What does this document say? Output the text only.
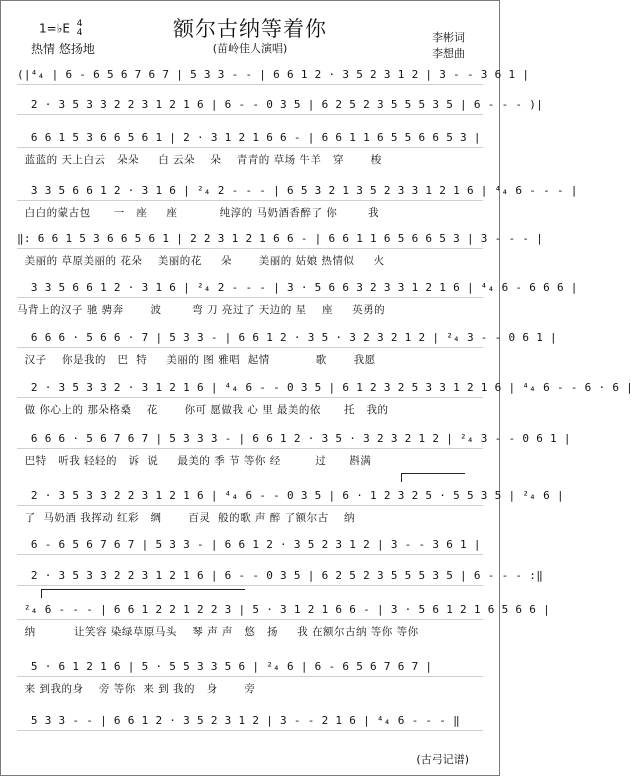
额尔古纳等着你
(苗岭佳人演唱)
1=♭E 4
4
热情 悠扬地
李彬词
李想曲
(|⁴₄ | 6 - 6 5 6 7 6 7 | 5 3 3 - - | 6 6 1 2 · 3 5 2 3 1 2 | 3 - - 3 6 1 |
2 · 3 5 3 3 2 2 3 1 2 1 6 | 6 - - 0 3 5 | 6 2 5 2 3 5 5 5 3 5 | 6 - - - )|
6 6 1 5 3 6 6 5 6 1 | 2 · 3 1 2 1 6 6 - | 6 6 1 1 6 5 5 6 6 5 3 |
蓝蓝的 天上白云   朵朵     白 云朵    朵    青青的 草场 牛羊   穿       梭
3 3 5 6 6 1 2 · 3 1 6 | ²₄ 2 - - - | 6 5 3 2 1 3 5 2 3 3 1 2 1 6 | ⁴₄ 6 - - - |
白白的蒙古包      一   座     座           纯淳的 马奶酒香醉了 你        我
‖: 6 6 1 5 3 6 6 5 6 1 | 2 2 3 1 2 1 6 6 - | 6 6 1 1 6 5 6 6 5 3 | 3 - - - |
美丽的 草原美丽的 花朵    美丽的花     朵       美丽的 姑娘 热情似     火
3 3 5 6 6 1 2 · 3 1 6 | ²₄ 2 - - - | 3 · 5 6 6 3 2 3 3 1 2 1 6 | ⁴₄ 6 - 6 6 6 |
马背上的汉子 驰 骋奔       波        弯 刀 亮过了 天边的 星    座     英勇的
6 6 6 · 5 6 6 · 7 | 5 3 3 - | 6 6 1 2 · 3 5 · 3 2 3 2 1 2 | ²₄ 3 - - 0 6 1 |
汉子    你是我的   巴  特     美丽的 图 雅唱  起情            歌       我愿
2 · 3 5 3 3 2 · 3 1 2 1 6 | ⁴₄ 6 - - 0 3 5 | 6 1 2 3 2 5 3 3 1 2 1 6 | ⁴₄ 6 - - 6 · 6 |
做 你心上的 那朵格桑    花       你可 愿做我 心 里 最美的依      托   我的
6 6 6 · 5 6 7 6 7 | 5 3 3 3 - | 6 6 1 2 · 3 5 · 3 2 3 2 1 2 | ²₄ 3 - - 0 6 1 |
巴特   听我 轻轻的   诉  说     最美的 季 节 等你 经         过      斟满
2 · 3 5 3 3 2 2 3 1 2 1 6 | ⁴₄ 6 - - 0 3 5 | 6 · 1 2 3 2 5 · 5 5 3 5 | ²₄ 6 |
了  马奶酒 我挥动 红彩   绸       百灵  般的歌 声 醉 了额尔古    纳
6 - 6 5 6 7 6 7 | 5 3 3 - | 6 6 1 2 · 3 5 2 3 1 2 | 3 - - 3 6 1 |
2 · 3 5 3 3 2 2 3 1 2 1 6 | 6 - - 0 3 5 | 6 2 5 2 3 5 5 5 3 5 | 6 - - - :‖
²₄ 6 - - - | 6 6 1 2 2 1 2 2 3 | 5 · 3 1 2 1 6 6 - | 3 · 5 6 1 2 1 6 5 6 6 |
纳          让笑容 染绿草原马头    琴 声 声   悠   扬     我 在额尔古纳 等你 等你
5 · 6 1 2 1 6 | 5 · 5 5 3 3 5 6 | ²₄ 6 | 6 - 6 5 6 7 6 7 |
来 到我的身    旁 等你  来 到 我的   身       旁
5 3 3 - - | 6 6 1 2 · 3 5 2 3 1 2 | 3 - - 2 1 6 | ⁴₄ 6 - - - ‖
(古弓记谱)
